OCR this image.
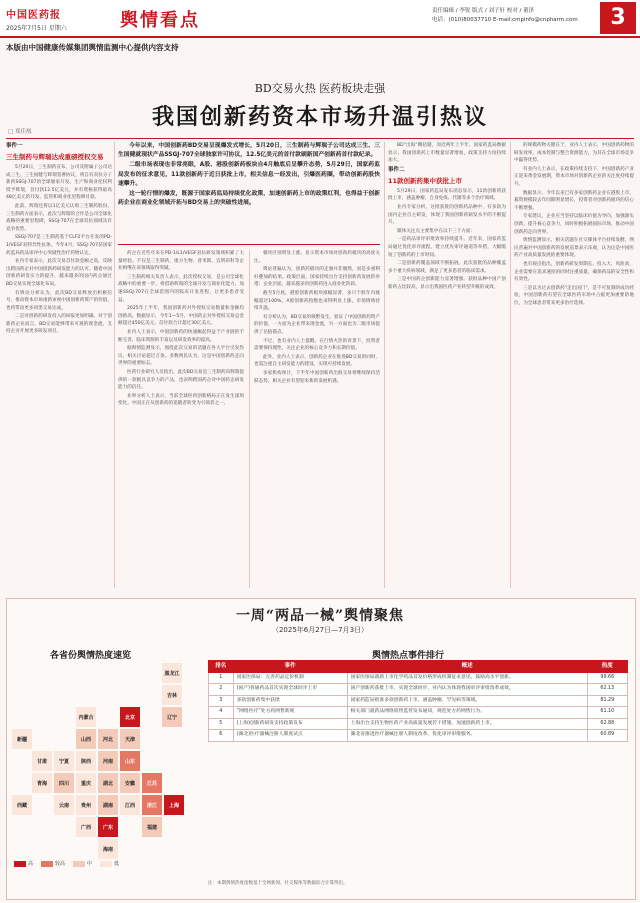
中国医药报
2025年7月5日 星期六	舆情看点	责任编辑 / 李锐 版式 / 刘子轩 校对 / 董泽
电话：(010)80037710 E-mail:cmpinfo@cnpharm.com	3
本版由中国健康传媒集团舆情监测中心提供内容支持
BD交易火热 医药板块走强
我国创新药资本市场升温引热议
□ 郑佳凰
事件一
三生制药与辉瑞达成重磅授权交易

5月20日，三生制药宣布，公司及附属子公司达成三生、三生国健与辉瑞签署协议，将自有双抗分子新药SSGJ-707的全球独家开发、生产和商业化权利授予辉瑞，首付款12.5亿美元，并有资格获得最高48亿美元的开发、监管和商业化里程碑付款。

此前，辉瑞还将以1亿美元认购三生制药股份。三生制药方面表示，此次与辉瑞的合作是公司全球化战略的重要里程碑，SSGJ-707在全球双抗领域具有竞争优势。

SSGJ-707是三生制药基于CLF2平台开发的PD-1/VEGF双特异性抗体。今年4月，SSGJ-707获国家药监局药品审评中心突破性治疗药物认定。

业内专家表示，此次交易首付款金额之高，反映出跨国药企对中国创新药研发能力的认可。随着中国创新药研发实力的提升，越来越多的国内药企通过BD交易实现全球化布局。

有舆论分析认为，此次BD交易释放出积极信号，推动资本市场重新审视中国创新药资产的价值，也将带动更多同类交易达成。

二是对创新药研发投入的回报更加明确。对于创新药企业而言，BD交易能够带来可观的现金流，支持企业开展更多研发项目。

今年以来，中国创新药BD交易呈现爆发式增长，5月20日，三生制药与辉瑞子公司达成三生、三生国健就现状产品SSGJ-707全球独家许可协议，12.5亿美元的首付款刷新国产创新药首付款纪录。

二级市场表现也非常亮眼，A股、港股创新药板块自4月触底后呈攀升态势，5月29日，国家药监局发布的征求意见，11款创新药于近日获批上市，相关信息一经发出，引爆医药圈，带动创新药股快速攀升。

这一轮行情的爆发，既源于国家药监局持续优化政策，加速创新药上市的政策红利，也得益于创新药企业在商业化领域开拓与BD交易上的突破性进展。

药企在近些年来在PD-1/L1/VEGF双抗研发领域积累了大量经验。不仅是三生制药，康方生物、普米斯、宜明昂科等企业相继在该领域取得突破。

三生制药相关负责人表示，此次授权交易，是公司全球化战略中的重要一步，将借助辉瑞的全球开发与商业化能力，加速SSGJ-707在全球范围内的临床开发进程，让更多患者受益。

2025年上半年，我国创新药对外授权交易数量和金额均创新高。数据显示，今年1—5月，中国药企对外授权交易总金额超过450亿美元，首付款合计超过30亿美元。

业内人士表示，中国创新药的快速崛起得益于产业链的不断完善、临床资源的丰富以及研发效率的提高。

据舆情监测显示，围绕此次交易的话题在各大平台引发热议，相关讨论超过万条。多数网民认为，这是中国创新药走向世界的重要标志。

医药行业研究人员指出，此次BD交易是三生制药向辉瑞提供的一款极具竞争力的产品，也表明跨国药企对中国药企研发能力的信任。

业界分析人士表示，当前全球医药创新格局正在发生深刻变化，中国正在从创新药的追随者转变为引领者之一。

板块区别明显上涨，显示资本市场对创新药板块的高度关注。

舆论普遍认为，创新药板块的走强并非偶然，而是多重利好叠加的结果。政策层面，国家持续出台支持创新药发展的举措；企业层面，越来越多的创新药进入商业化阶段。

截至5月底，港股创新药板块涨幅显著，多只个股年内涨幅超过100%。A股创新药指数也录得明显上涨，市场情绪持续升温。

有分析认为，BD交易的频繁发生，验证了中国创新药资产的价值，一方面为企业带来现金流，另一方面也为二级市场提供了估值锚点。

不过，也有业内人士提醒，在行情火热的背景下，投资者需要保持理性，关注企业的核心竞争力和长期价值。

此外，业内人士表示，创新药企业在推进BD交易的同时，也需注重自主研发能力的建设，实现可持续发展。

多家机构预计，下半年中国创新药出海交易将继续保持活跃态势，相关企业有望迎来新的发展机遇。

BD”出海”概括题，而近两年上半年，国家药监局数据显示，我国创新药上市数量显著增加，政策支持力度持续加大。

事件二
11款创新药集中获批上市

5月29日，国家药监局发布消息显示，11款创新药获批上市，涵盖肿瘤、自身免疫、代谢等多个治疗领域。

业内专家分析，这批获批的创新药品种中，有多款为国内企业自主研发，体现了我国创新药研发水平的不断提升。

媒体关注点主要集中在以下三个方面：

一是药品审评审批效率持续提升。近年来，国家药监局通过优化审评流程、建立优先审评通道等举措，大幅缩短了创新药的上市时间。

二是创新药覆盖领域不断拓展。此次获批的品种覆盖多个重大疾病领域，满足了更多患者的临床需求。

三是中国药企创新能力显著增强。获批品种中国产创新药占比较高，显示出我国医药产业转型升级的成效。

的规模药物关键在于，业内人士表示，中国创新药物的研发效率，成本控制与整合资源能力，为其在全球市场竞争中赢得优势。

有业内人士表示，在政策持续支持下，中国创新药产业正迎来黄金发展期，资本市场对创新药企业的关注度持续提升。

数据显示，今年以来已有多家创新药企业在港股上市，募资规模较去年同期明显增长，投资者对创新药板块的信心不断增强。

专家建议，企业应当坚持以临床价值为导向，加强源头创新，提升核心竞争力，同时积极拓展国际市场，推动中国创新药走向世界。

舆情监测显示，相关话题在社交媒体平台持续发酵，网民普遍对中国创新药的发展前景表示乐观，认为这是中国医药产业高质量发展的重要体现。

也有观点指出，创新药研发周期长、投入大、风险高，企业需要在追求速度的同时注重质量，确保药品的安全性和有效性。

三是以为过去创新药"走出国门"，是不可复制的成功经验，中国创新药有望在全球医药市场中占据更加重要的地位，为全球患者带来更多治疗选择。

一周“两品一械”舆情聚焦
（2025年6月27日—7月3日）
各省份舆情热度速览	舆情热点事件排行
黑龙江
吉林
北京	辽宁
天津
河北
山西
内蒙古
山东
河南
陕西
宁夏
甘肃
江苏
安徽
湖北
四川	重庆
上海
浙江
江西
湖南
贵州
云南
福建
广东
广西
海南
青海
新疆
西藏
高	较高	中	低
排名	事件	概述	热度
1	国家医保局：完善药品定价机制	国家医保局就新上市化学药品首发价格形成机制征求意见，鼓励高水平创新。	99.66
2	(国产)普通药品首次实现全球同步上市	国产创新药获批上市，实现全球同步，业内认为体现我国审评审批改革成效。	62.13
3	多款创新药集中获批	国家药监局批准多款创新药上市，涵盖肿瘤、罕见病等领域。	81.29
4	“网络医疗”处方药网售新规	相关部门就药品网络销售监管发布通知，规范处方药网售行为。	61.10
5	(上海)创新药研发支持政策发布	上海出台支持生物医药产业高质量发展若干措施，加速创新药上市。	62.88
6	(湖北)医疗器械注册人制度试点	湖北省推进医疗器械注册人制度改革，优化审评审批服务。	60.89
注：本期舆情热度指数基于全网新闻、社交媒体等数据综合计算得出。
